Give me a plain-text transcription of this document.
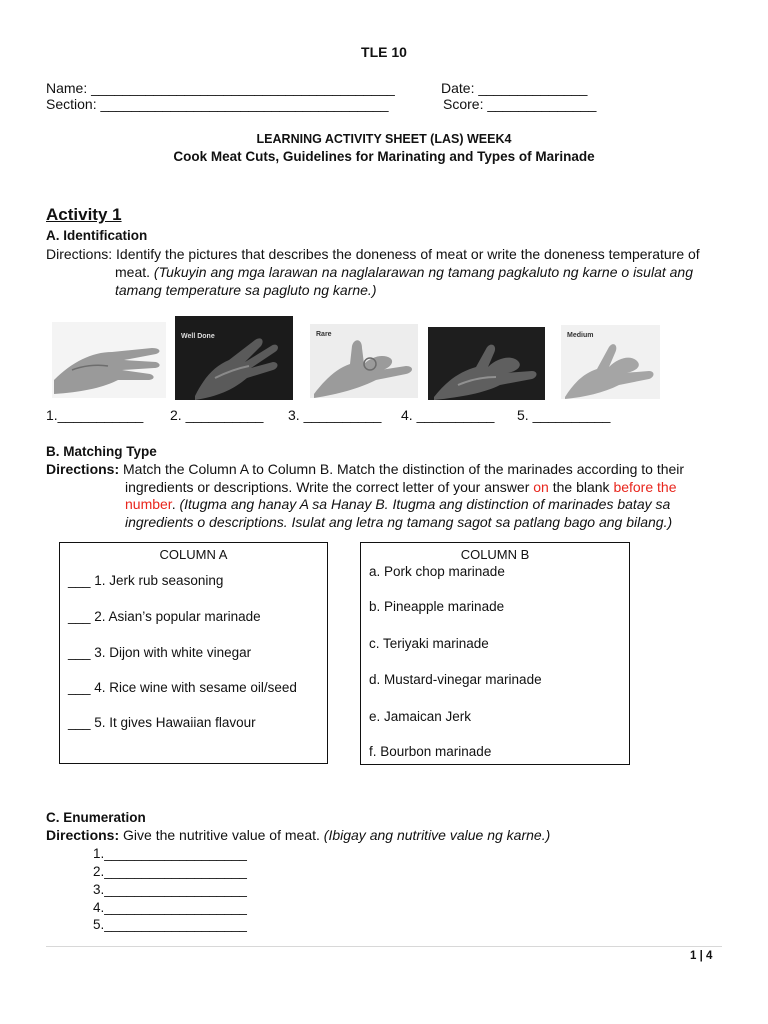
TLE 10
Name: _______________________________________	Date: ______________
Section: _____________________________________	Score: ______________
LEARNING ACTIVITY SHEET (LAS) WEEK4
Cook Meat Cuts, Guidelines for Marinating and Types of Marinade
Activity 1
A. Identification
Directions: Identify the pictures that describes the doneness of meat or write the doneness temperature of
meat. (Tukuyin ang mga larawan na naglalarawan ng tamang pagkaluto ng karne o isulat ang
tamang temperature sa pagluto ng karne.)
Well Done	Rare	Medium
1.___________ 2. __________ 3. __________ 4. __________ 5. __________
B. Matching Type
Directions: Match the Column A to Column B. Match the distinction of the marinades according to their
ingredients or descriptions. Write the correct letter of your answer on the blank before the
number. (Itugma ang hanay A sa Hanay B. Itugma ang distinction of marinades batay sa
ingredients o descriptions. Isulat ang letra ng tamang sagot sa patlang bago ang bilang.)
COLUMN A
___ 1. Jerk rub seasoning
___ 2. Asian’s popular marinade
___ 3. Dijon with white vinegar
___ 4. Rice wine with sesame oil/seed
___ 5. It gives Hawaiian flavour
COLUMN B
a. Pork chop marinade
b. Pineapple marinade
c. Teriyaki marinade
d. Mustard-vinegar marinade
e. Jamaican Jerk
f. Bourbon marinade
C. Enumeration
Directions: Give the nutritive value of meat. (Ibigay ang nutritive value ng karne.)
1.___________________
2.___________________
3.___________________
4.___________________
5.___________________
1 | 4
